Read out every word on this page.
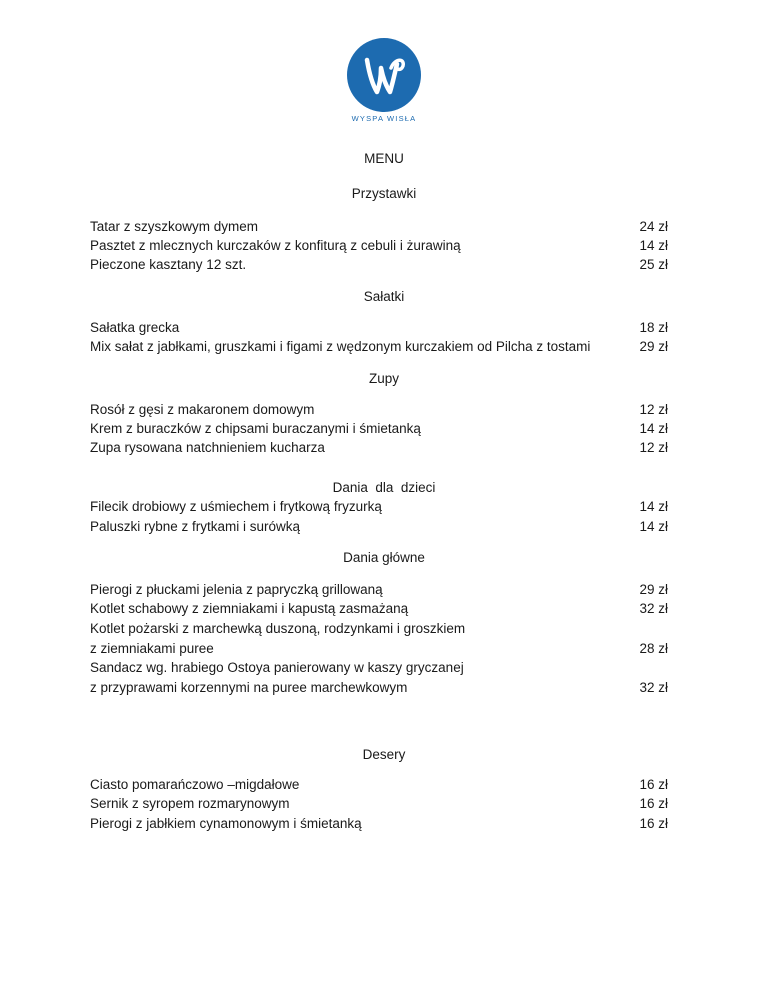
WYSPA WISŁA
MENU
Przystawki
Tatar z szyszkowym dymem	24 zł
Pasztet z mlecznych kurczaków z konfiturą z cebuli i żurawiną	14 zł
Pieczone kasztany 12 szt.	25 zł
Sałatki
Sałatka grecka	18 zł
Mix sałat z jabłkami, gruszkami i figami z wędzonym kurczakiem od Pilcha z tostami	29 zł
Zupy
Rosół z gęsi z makaronem domowym	12 zł
Krem z buraczków z chipsami buraczanymi i śmietanką	14 zł
Zupa rysowana natchnieniem kucharza	12 zł
Dania  dla  dzieci
Filecik drobiowy z uśmiechem i frytkową fryzurką	14 zł
Paluszki rybne z frytkami i surówką	14 zł
Dania główne
Pierogi z płuckami jelenia z papryczką grillowaną	29 zł
Kotlet schabowy z ziemniakami i kapustą zasmażaną	32 zł
Kotlet pożarski z marchewką duszoną, rodzynkami i groszkiem
z ziemniakami puree	28 zł
Sandacz wg. hrabiego Ostoya panierowany w kaszy gryczanej
z przyprawami korzennymi na puree marchewkowym	32 zł
Desery
Ciasto pomarańczowo –migdałowe	16 zł
Sernik z syropem rozmarynowym	16 zł
Pierogi z jabłkiem cynamonowym i śmietanką	16 zł
